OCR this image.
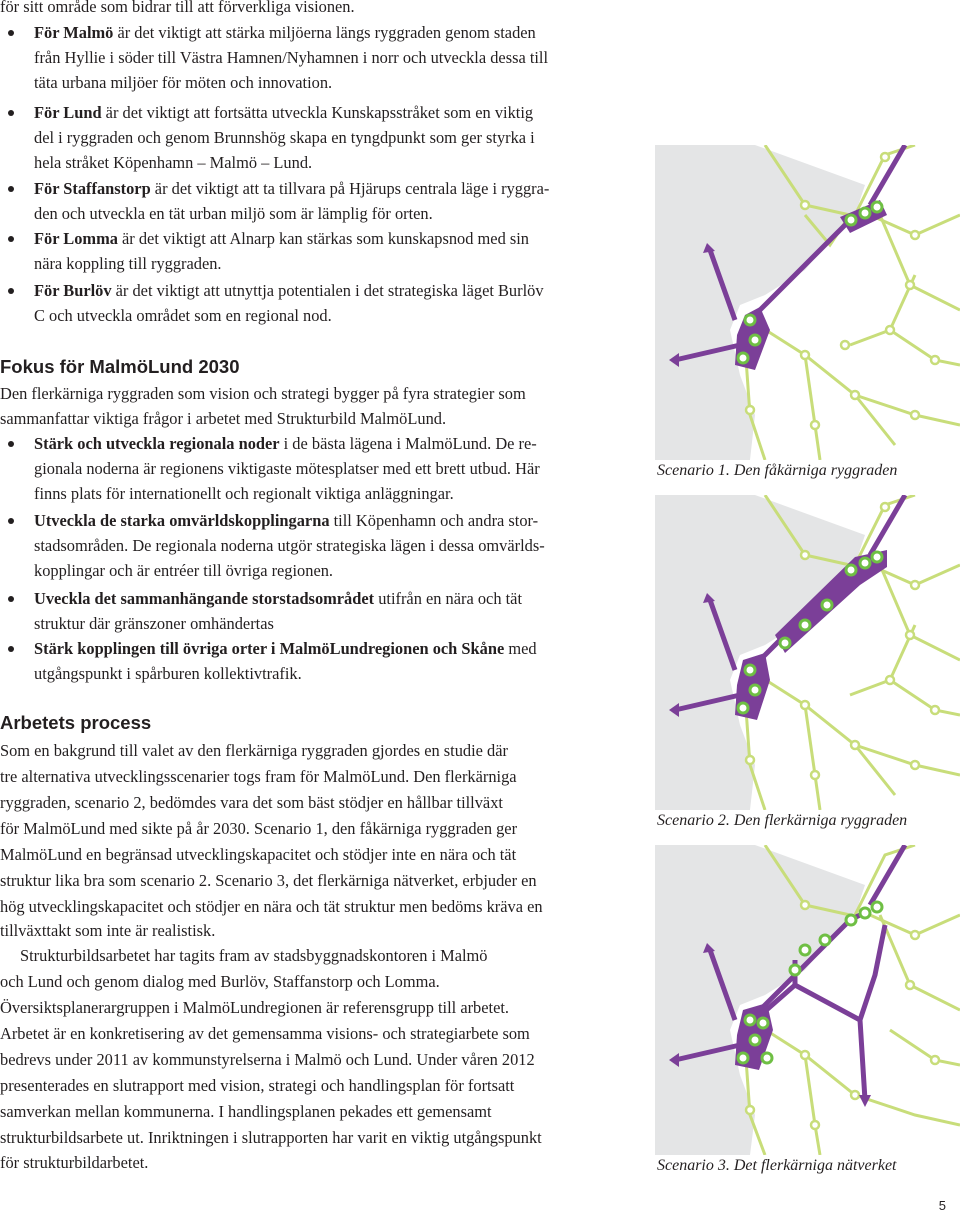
för sitt område som bidrar till att förverkliga visionen.

För Malmö är det viktigt att stärka miljöerna längs ryggraden genom staden
från Hyllie i söder till Västra Hamnen/Nyhamnen i norr och utveckla dessa till
täta urbana miljöer för möten och innovation.
För Lund är det viktigt att fortsätta utveckla Kunskapsstråket som en viktig
del i ryggraden och genom Brunnshög skapa en tyngdpunkt som ger styrka i
hela stråket Köpenhamn – Malmö – Lund.
För Staffanstorp är det viktigt att ta tillvara på Hjärups centrala läge i ryggra-
den och utveckla en tät urban miljö som är lämplig för orten.
För Lomma är det viktigt att Alnarp kan stärkas som kunskapsnod med sin
nära koppling till ryggraden.
För Burlöv är det viktigt att utnyttja potentialen i det strategiska läget Burlöv
C och utveckla området som en regional nod.
Fokus för MalmöLund 2030

Den flerkärniga ryggraden som vision och strategi bygger på fyra strategier som

sammanfattar viktiga frågor i arbetet med Strukturbild MalmöLund.

Stärk och utveckla regionala noder i de bästa lägena i MalmöLund. De re-
gionala noderna är regionens viktigaste mötesplatser med ett brett utbud. Här
finns plats för internationellt och regionalt viktiga anläggningar.
Utveckla de starka omvärldskopplingarna till Köpenhamn och andra stor-
stadsområden. De regionala noderna utgör strategiska lägen i dessa omvärlds-
kopplingar och är entréer till övriga regionen.
Uveckla det sammanhängande storstadsområdet utifrån en nära och tät
struktur där gränszoner omhändertas
Stärk kopplingen till övriga orter i MalmöLundregionen och Skåne med
utgångspunkt i spårburen kollektivtrafik.
Arbetets process

Som en bakgrund till valet av den flerkärniga ryggraden gjordes en studie där

tre alternativa utvecklingsscenarier togs fram för MalmöLund. Den flerkärniga

ryggraden, scenario 2, bedömdes vara det som bäst stödjer en hållbar tillväxt

för MalmöLund med sikte på år 2030. Scenario 1, den fåkärniga ryggraden ger

MalmöLund en begränsad utvecklingskapacitet och stödjer inte en nära och tät

struktur lika bra som scenario 2. Scenario 3, det flerkärniga nätverket, erbjuder en

hög utvecklingskapacitet och stödjer en nära och tät struktur men bedöms kräva en

tillväxttakt som inte är realistisk.

Strukturbildsarbetet har tagits fram av stadsbyggnadskontoren i Malmö

och Lund och genom dialog med Burlöv, Staffanstorp och Lomma.

Översiktsplanerargruppen i MalmöLundregionen är referensgrupp till arbetet.

Arbetet är en konkretisering av det gemensamma visions- och strategiarbete som

bedrevs under 2011 av kommunstyrelserna i Malmö och Lund. Under våren 2012

presenterades en slutrapport med vision, strategi och handlingsplan för fortsatt

samverkan mellan kommunerna. I handlingsplanen pekades ett gemensamt

strukturbildsarbete ut. Inriktningen i slutrapporten har varit en viktig utgångspunkt

för strukturbildarbetet.

Scenario 1. Den fåkärniga ryggraden
Scenario 2. Den flerkärniga ryggraden
Scenario 3. Det flerkärniga nätverket
5
